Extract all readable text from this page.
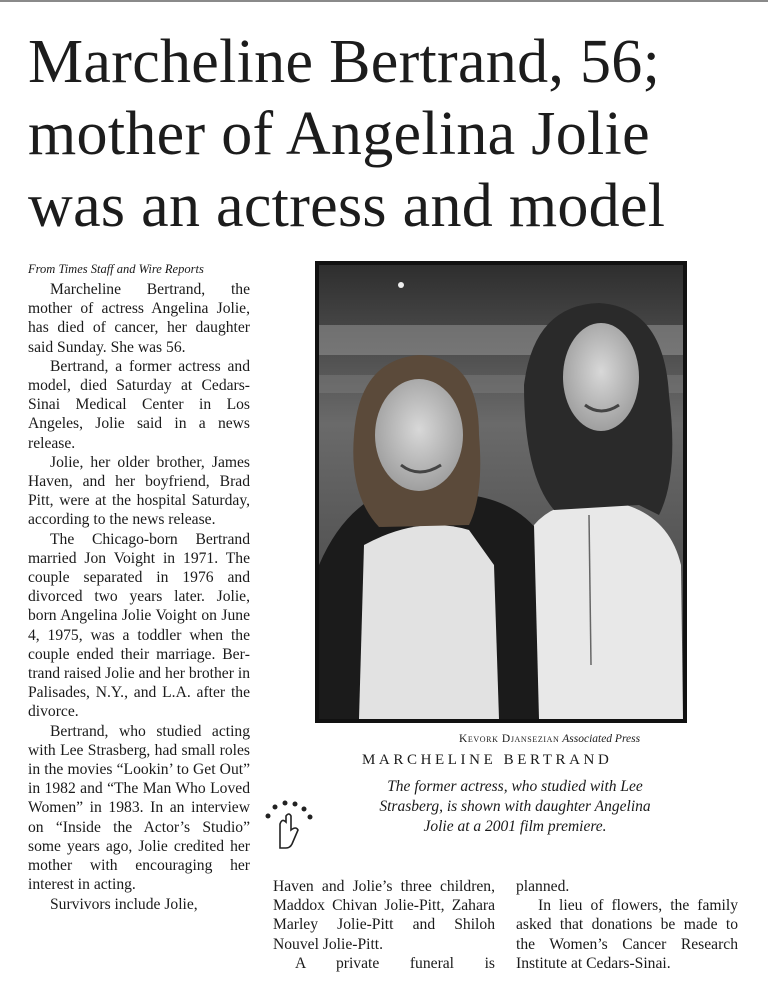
Marcheline Bertrand, 56;
mother of Angelina Jolie
was an actress and model
From Times Staff and Wire Reports

Marcheline Bertrand, the mother of actress Angelina Jolie, has died of cancer, her daughter said Sunday. She was 56.

Bertrand, a former actress and model, died Saturday at Cedars-Sinai Medical Center in Los Angeles, Jolie said in a news release.

Jolie, her older brother, James Haven, and her boyfriend, Brad Pitt, were at the hospital Saturday, according to the news release.

The Chicago-born Bertrand married Jon Voight in 1971. The couple separated in 1976 and divorced two years later. Jolie, born Angelina Jolie Voight on June 4, 1975, was a toddler when the couple ended their marriage. Bertrand raised Jolie and her brother in Palisades, N.Y., and L.A. after the divorce.

Bertrand, who studied acting with Lee Strasberg, had small roles in the movies “Lookin’ to Get Out” in 1982 and “The Man Who Loved Women” in 1983. In an interview on “Inside the Actor’s Studio” some years ago, Jolie credited her mother with encouraging her interest in acting.

Survivors include Jolie,

Kevork Djansezian Associated Press
MARCHELINE BERTRAND
The former actress, who studied with Lee
Strasberg, is shown with daughter Angelina
Jolie at a 2001 film premiere.

Haven and Jolie’s three children, Maddox Chivan Jolie-Pitt, Zahara Marley Jolie-Pitt and Shiloh Nouvel Jolie-Pitt.

A private funeral is

planned.

In lieu of flowers, the family asked that donations be made to the Women’s Cancer Research Institute at Cedars-Sinai.
